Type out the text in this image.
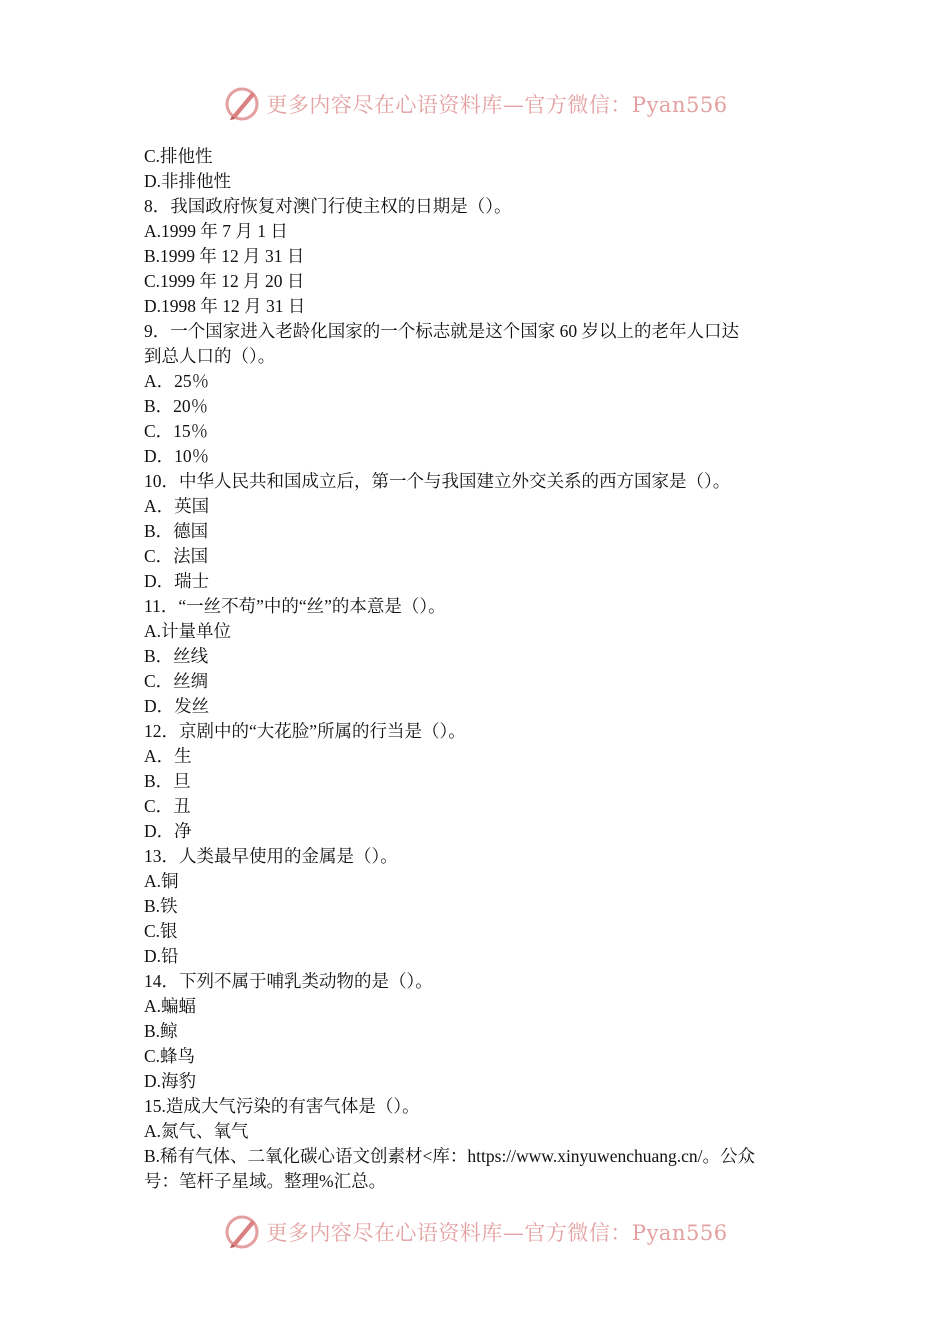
更多内容尽在心语资料库—官方微信：Pyan556
C.排他性
D.非排他性
8．我国政府恢复对澳门行使主权的日期是（）。
A.1999 年 7 月 1 日
B.1999 年 12 月 31 日
C.1999 年 12 月 20 日
D.1998 年 12 月 31 日
9．一个国家进入老龄化国家的一个标志就是这个国家 60 岁以上的老年人口达
到总人口的（）。
A．25％
B．20％
C．15％
D．10％
10．中华人民共和国成立后，第一个与我国建立外交关系的西方国家是（）。
A．英国
B．德国
C．法国
D．瑞士
11．“一丝不苟”中的“丝”的本意是（）。
A.计量单位
B．丝线
C．丝绸
D．发丝
12．京剧中的“大花脸”所属的行当是（）。
A．生
B．旦
C．丑
D．净
13．人类最早使用的金属是（）。
A.铜
B.铁
C.银
D.铅
14．下列不属于哺乳类动物的是（）。
A.蝙蝠
B.鲸
C.蜂鸟
D.海豹
15.造成大气污染的有害气体是（）。
A.氮气、氧气
B.稀有气体、二氧化碳心语文创素材<库：https://www.xinyuwenchuang.cn/。公众
号：笔杆子星域。整理%汇总。
更多内容尽在心语资料库—官方微信：Pyan556
